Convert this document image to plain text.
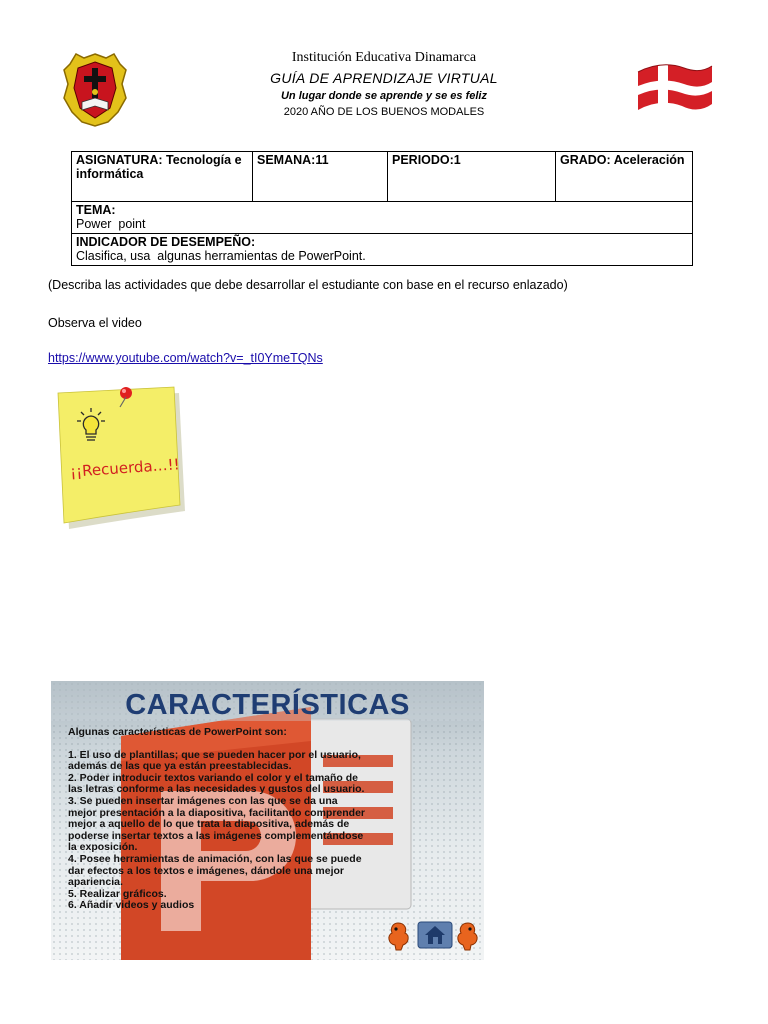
Institución Educativa Dinamarca
GUÍA DE APRENDIZAJE VIRTUAL
Un lugar donde se aprende y se es feliz
2020 AÑO DE LOS BUENOS MODALES
ASIGNATURA: Tecnología e informática	SEMANA:11	PERIODO:1	GRADO: Aceleración

TEMA:
Power  point

INDICADOR DE DESEMPEÑO:
Clasifica, usa  algunas herramientas de PowerPoint.
(Describa las actividades que debe desarrollar el estudiante con base en el recurso enlazado)
Observa el video
https://www.youtube.com/watch?v=_tI0YmeTQNs
¡¡Recuerda…!!
CARACTERÍSTICAS
Algunas características de PowerPoint son:
1. El uso de plantillas; que se pueden hacer por el usuario, además de las que ya están preestablecidas.
2. Poder introducir textos variando el color y el tamaño de las letras conforme a las necesidades y gustos del usuario.
3. Se pueden insertar imágenes con las que se da una mejor presentación a la diapositiva, facilitando comprender mejor a aquello de lo que trata la diapositiva, además de poderse insertar textos a las imágenes complementándose la exposición.
4. Posee herramientas de animación, con las que se puede dar efectos a los textos e imágenes, dándole una mejor apariencia.
5. Realizar gráficos.
6. Añadir videos y audios
